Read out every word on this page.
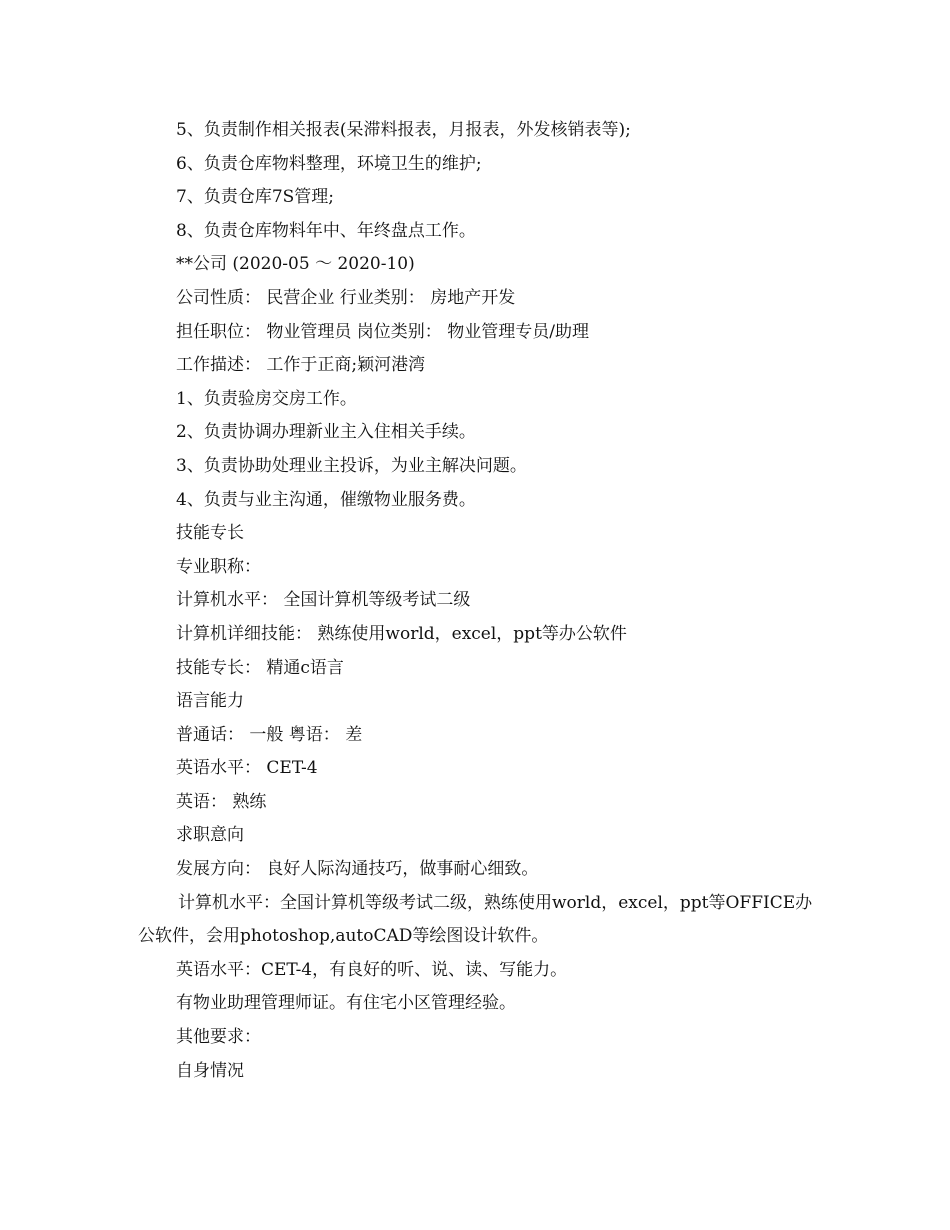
5、负责制作相关报表(呆滞料报表，月报表，外发核销表等);
6、负责仓库物料整理，环境卫生的维护;
7、负责仓库7S管理;
8、负责仓库物料年中、年终盘点工作。
**公司 (2020-05 ～ 2020-10)
公司性质： 民营企业 行业类别： 房地产开发
担任职位： 物业管理员 岗位类别： 物业管理专员/助理
工作描述： 工作于正商;颖河港湾
1、负责验房交房工作。
2、负责协调办理新业主入住相关手续。
3、负责协助处理业主投诉，为业主解决问题。
4、负责与业主沟通，催缴物业服务费。
技能专长
专业职称：
计算机水平： 全国计算机等级考试二级
计算机详细技能： 熟练使用world，excel，ppt等办公软件
技能专长： 精通c语言
语言能力
普通话： 一般 粤语： 差
英语水平： CET-4
英语： 熟练
求职意向
发展方向： 良好人际沟通技巧，做事耐心细致。
计算机水平：全国计算机等级考试二级，熟练使用world，excel，ppt等OFFICE办公软件，会用photoshop,autoCAD等绘图设计软件。
英语水平：CET-4，有良好的听、说、读、写能力。
有物业助理管理师证。有住宅小区管理经验。
其他要求：
自身情况
